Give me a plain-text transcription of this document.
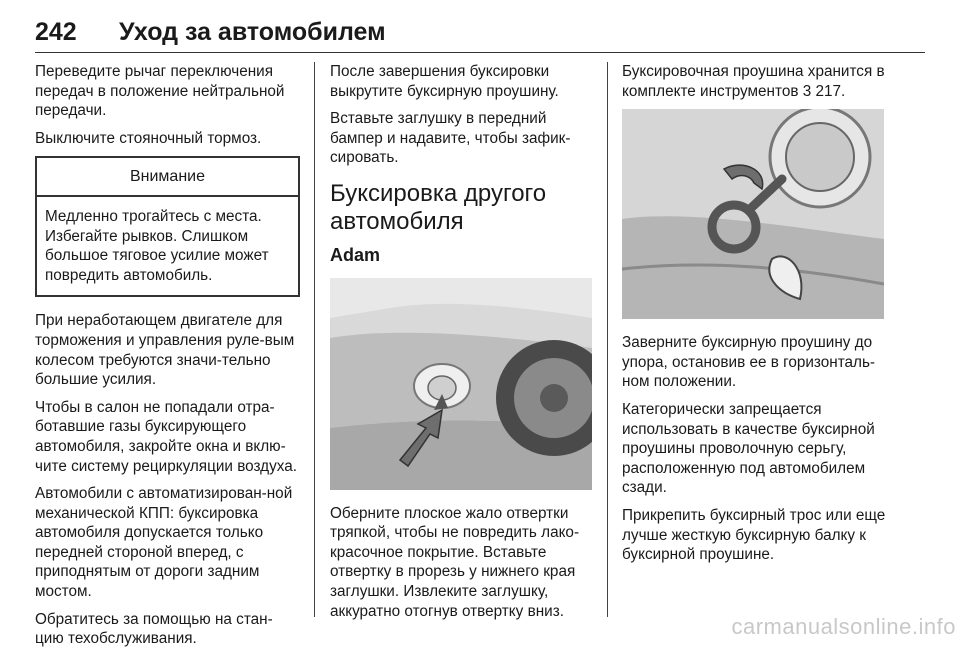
242 Уход за автомобилем

Переведите рычаг переключения передач в положение нейтральной передачи.

Выключите стояночный тормоз.

Внимание
Медленно трогайтесь с места. Избегайте рывков. Слишком большое тяговое усилие может повредить автомобиль.

При неработающем двигателе для торможения и управления руле-вым колесом требуются значи-тельно большие усилия.

Чтобы в салон не попадали отра-ботавшие газы буксирующего автомобиля, закройте окна и вклю-чите систему рециркуляции воздуха.

Автомобили с автоматизирован-ной механической КПП: буксировка автомобиля допускается только передней стороной вперед, с приподнятым от дороги задним мостом.

Обратитесь за помощью на стан-цию техобслуживания.

После завершения буксировки выкрутите буксирную проушину.

Вставьте заглушку в передний бампер и надавите, чтобы зафик-сировать.

Буксировка другого автомобиля
Adam

Оберните плоское жало отвертки тряпкой, чтобы не повредить лако-красочное покрытие. Вставьте отвертку в прорезь у нижнего края заглушки. Извлеките заглушку, аккуратно отогнув отвертку вниз.

Буксировочная проушина хранится в комплекте инструментов 3 217.

Заверните буксирную проушину до упора, остановив ее в горизонталь-ном положении.

Категорически запрещается использовать в качестве буксирной проушины проволочную серьгу, расположенную под автомобилем сзади.

Прикрепить буксирный трос или еще лучше жесткую буксирную балку к буксирной проушине.

carmanualsonline.info
